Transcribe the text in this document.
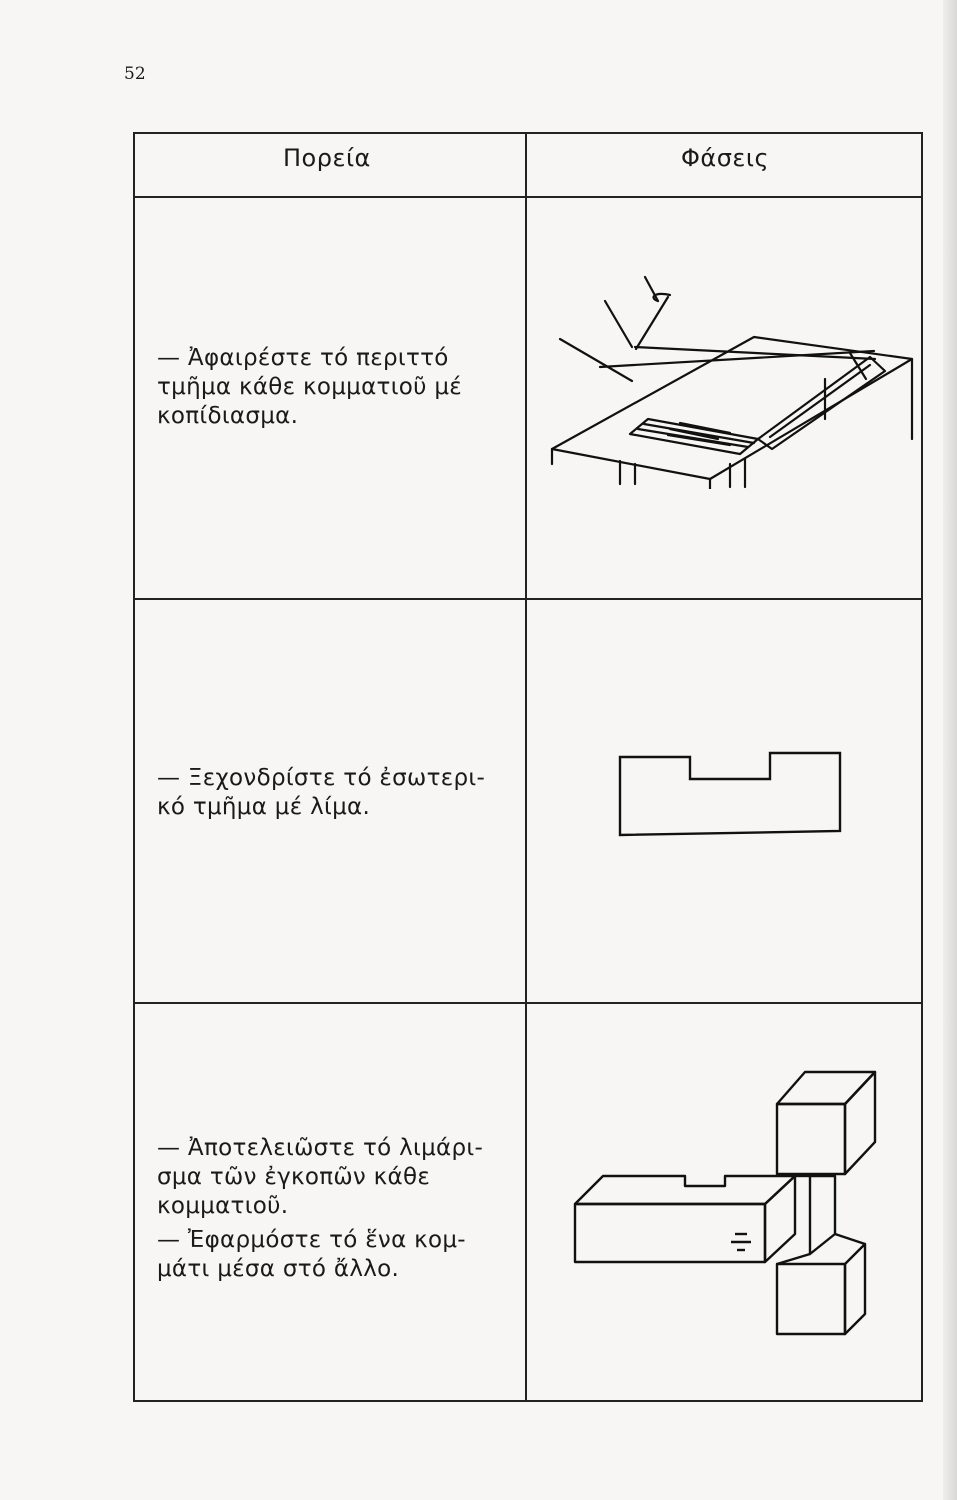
52
Πορεία	Φάσεις

— Ἀφαιρέστε τό περιττό

τμῆμα κάθε κομματιοῦ μέ

κοπίδιασμα.

— Ξεχονδρίστε τό ἐσωτερι-

κό τμῆμα μέ λίμα.

— Ἀποτελειῶστε τό λιμάρι-

σμα τῶν ἐγκοπῶν κάθε

κομματιοῦ.

— Ἐφαρμόστε τό ἕνα κομ-

μάτι μέσα στό ἄλλο.
